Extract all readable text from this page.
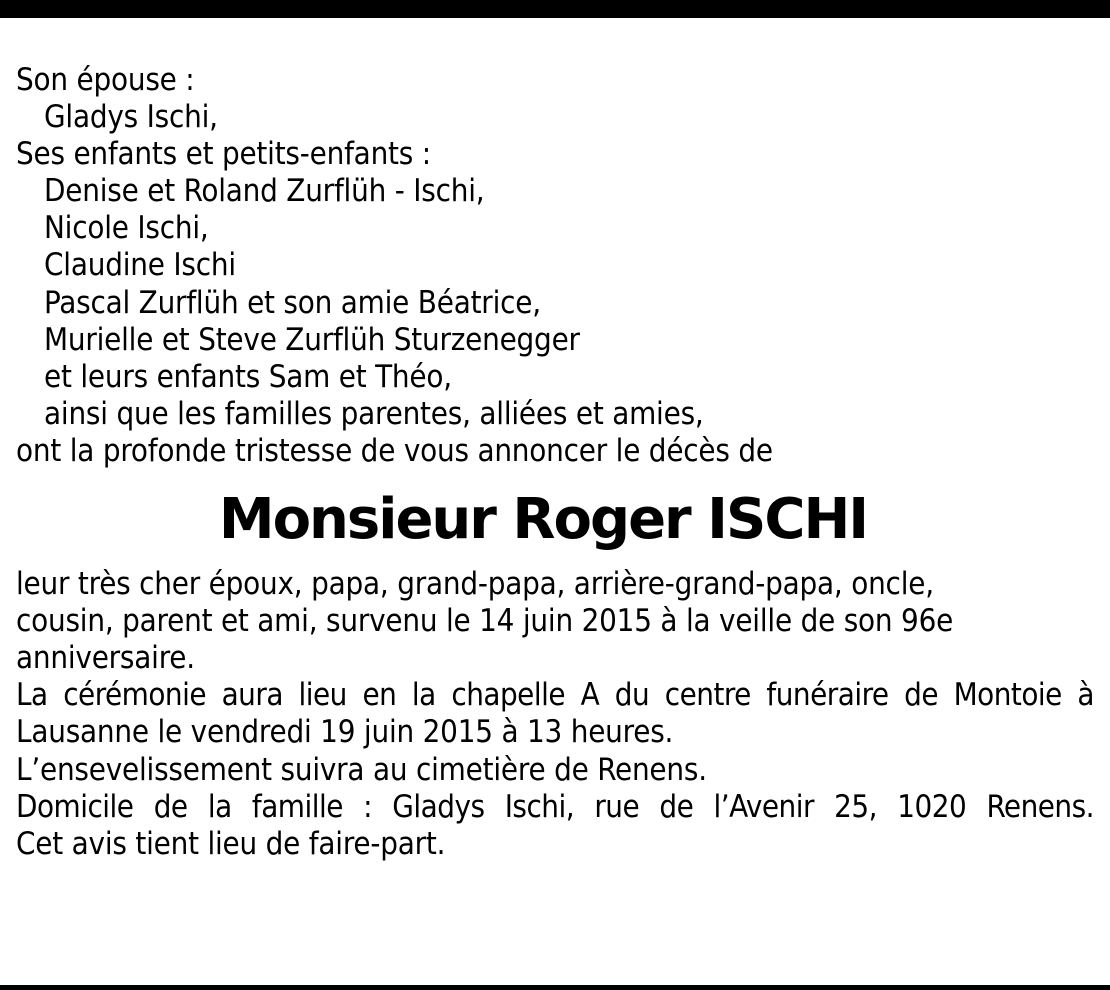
Son épouse :
Gladys Ischi,
Ses enfants et petits-enfants :
Denise et Roland Zurflüh - Ischi,
Nicole Ischi,
Claudine Ischi
Pascal Zurflüh et son amie Béatrice,
Murielle et Steve Zurflüh Sturzenegger
et leurs enfants Sam et Théo,
ainsi que les familles parentes, alliées et amies,
ont la profonde tristesse de vous annoncer le décès de
Monsieur Roger ISCHI
leur très cher époux, papa, grand-papa, arrière-grand-papa, oncle,
cousin, parent et ami, survenu le 14 juin 2015 à la veille de son 96e
anniversaire.
La cérémonie aura lieu en la chapelle A du centre funéraire de Montoie à
Lausanne le vendredi 19 juin 2015 à 13 heures.
L’ensevelissement suivra au cimetière de Renens.
Domicile de la famille : Gladys Ischi, rue de l’Avenir 25, 1020 Renens.
Cet avis tient lieu de faire-part.
